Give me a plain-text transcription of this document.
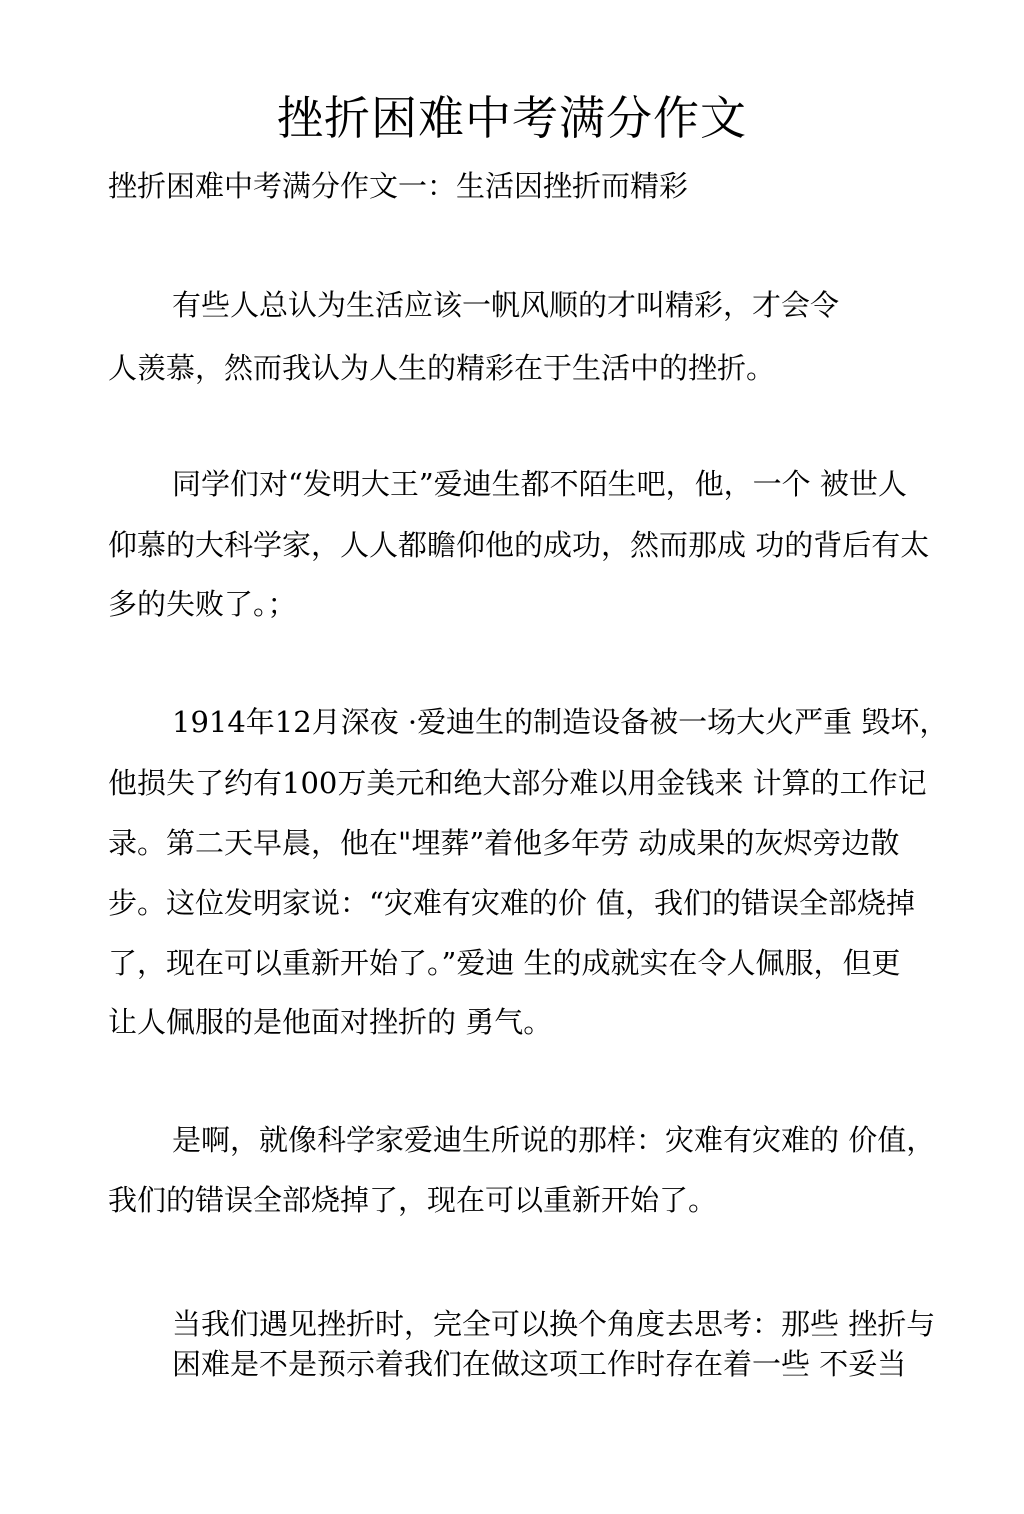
挫折困难中考满分作文
挫折困难中考满分作文一：生活因挫折而精彩
有些人总认为生活应该一帆风顺的才叫精彩，才会令
人羡慕，然而我认为人生的精彩在于生活中的挫折。
同学们对“发明大王”爱迪生都不陌生吧，他，一个 被世人
仰慕的大科学家，人人都瞻仰他的成功，然而那成 功的背后有太
多的失败了。；
1914年12月深夜 ·爱迪生的制造设备被一场大火严重 毁坏，
他损失了约有100万美元和绝大部分难以用金钱来 计算的工作记
录。第二天早晨，他在"埋葬”着他多年劳 动成果的灰烬旁边散
步。这位发明家说：“灾难有灾难的价 值，我们的错误全部烧掉
了，现在可以重新开始了。”爱迪 生的成就实在令人佩服，但更
让人佩服的是他面对挫折的 勇气。
是啊，就像科学家爱迪生所说的那样：灾难有灾难的 价值，
我们的错误全部烧掉了，现在可以重新开始了。
当我们遇见挫折时，完全可以换个角度去思考：那些 挫折与
困难是不是预示着我们在做这项工作时存在着一些 不妥当
